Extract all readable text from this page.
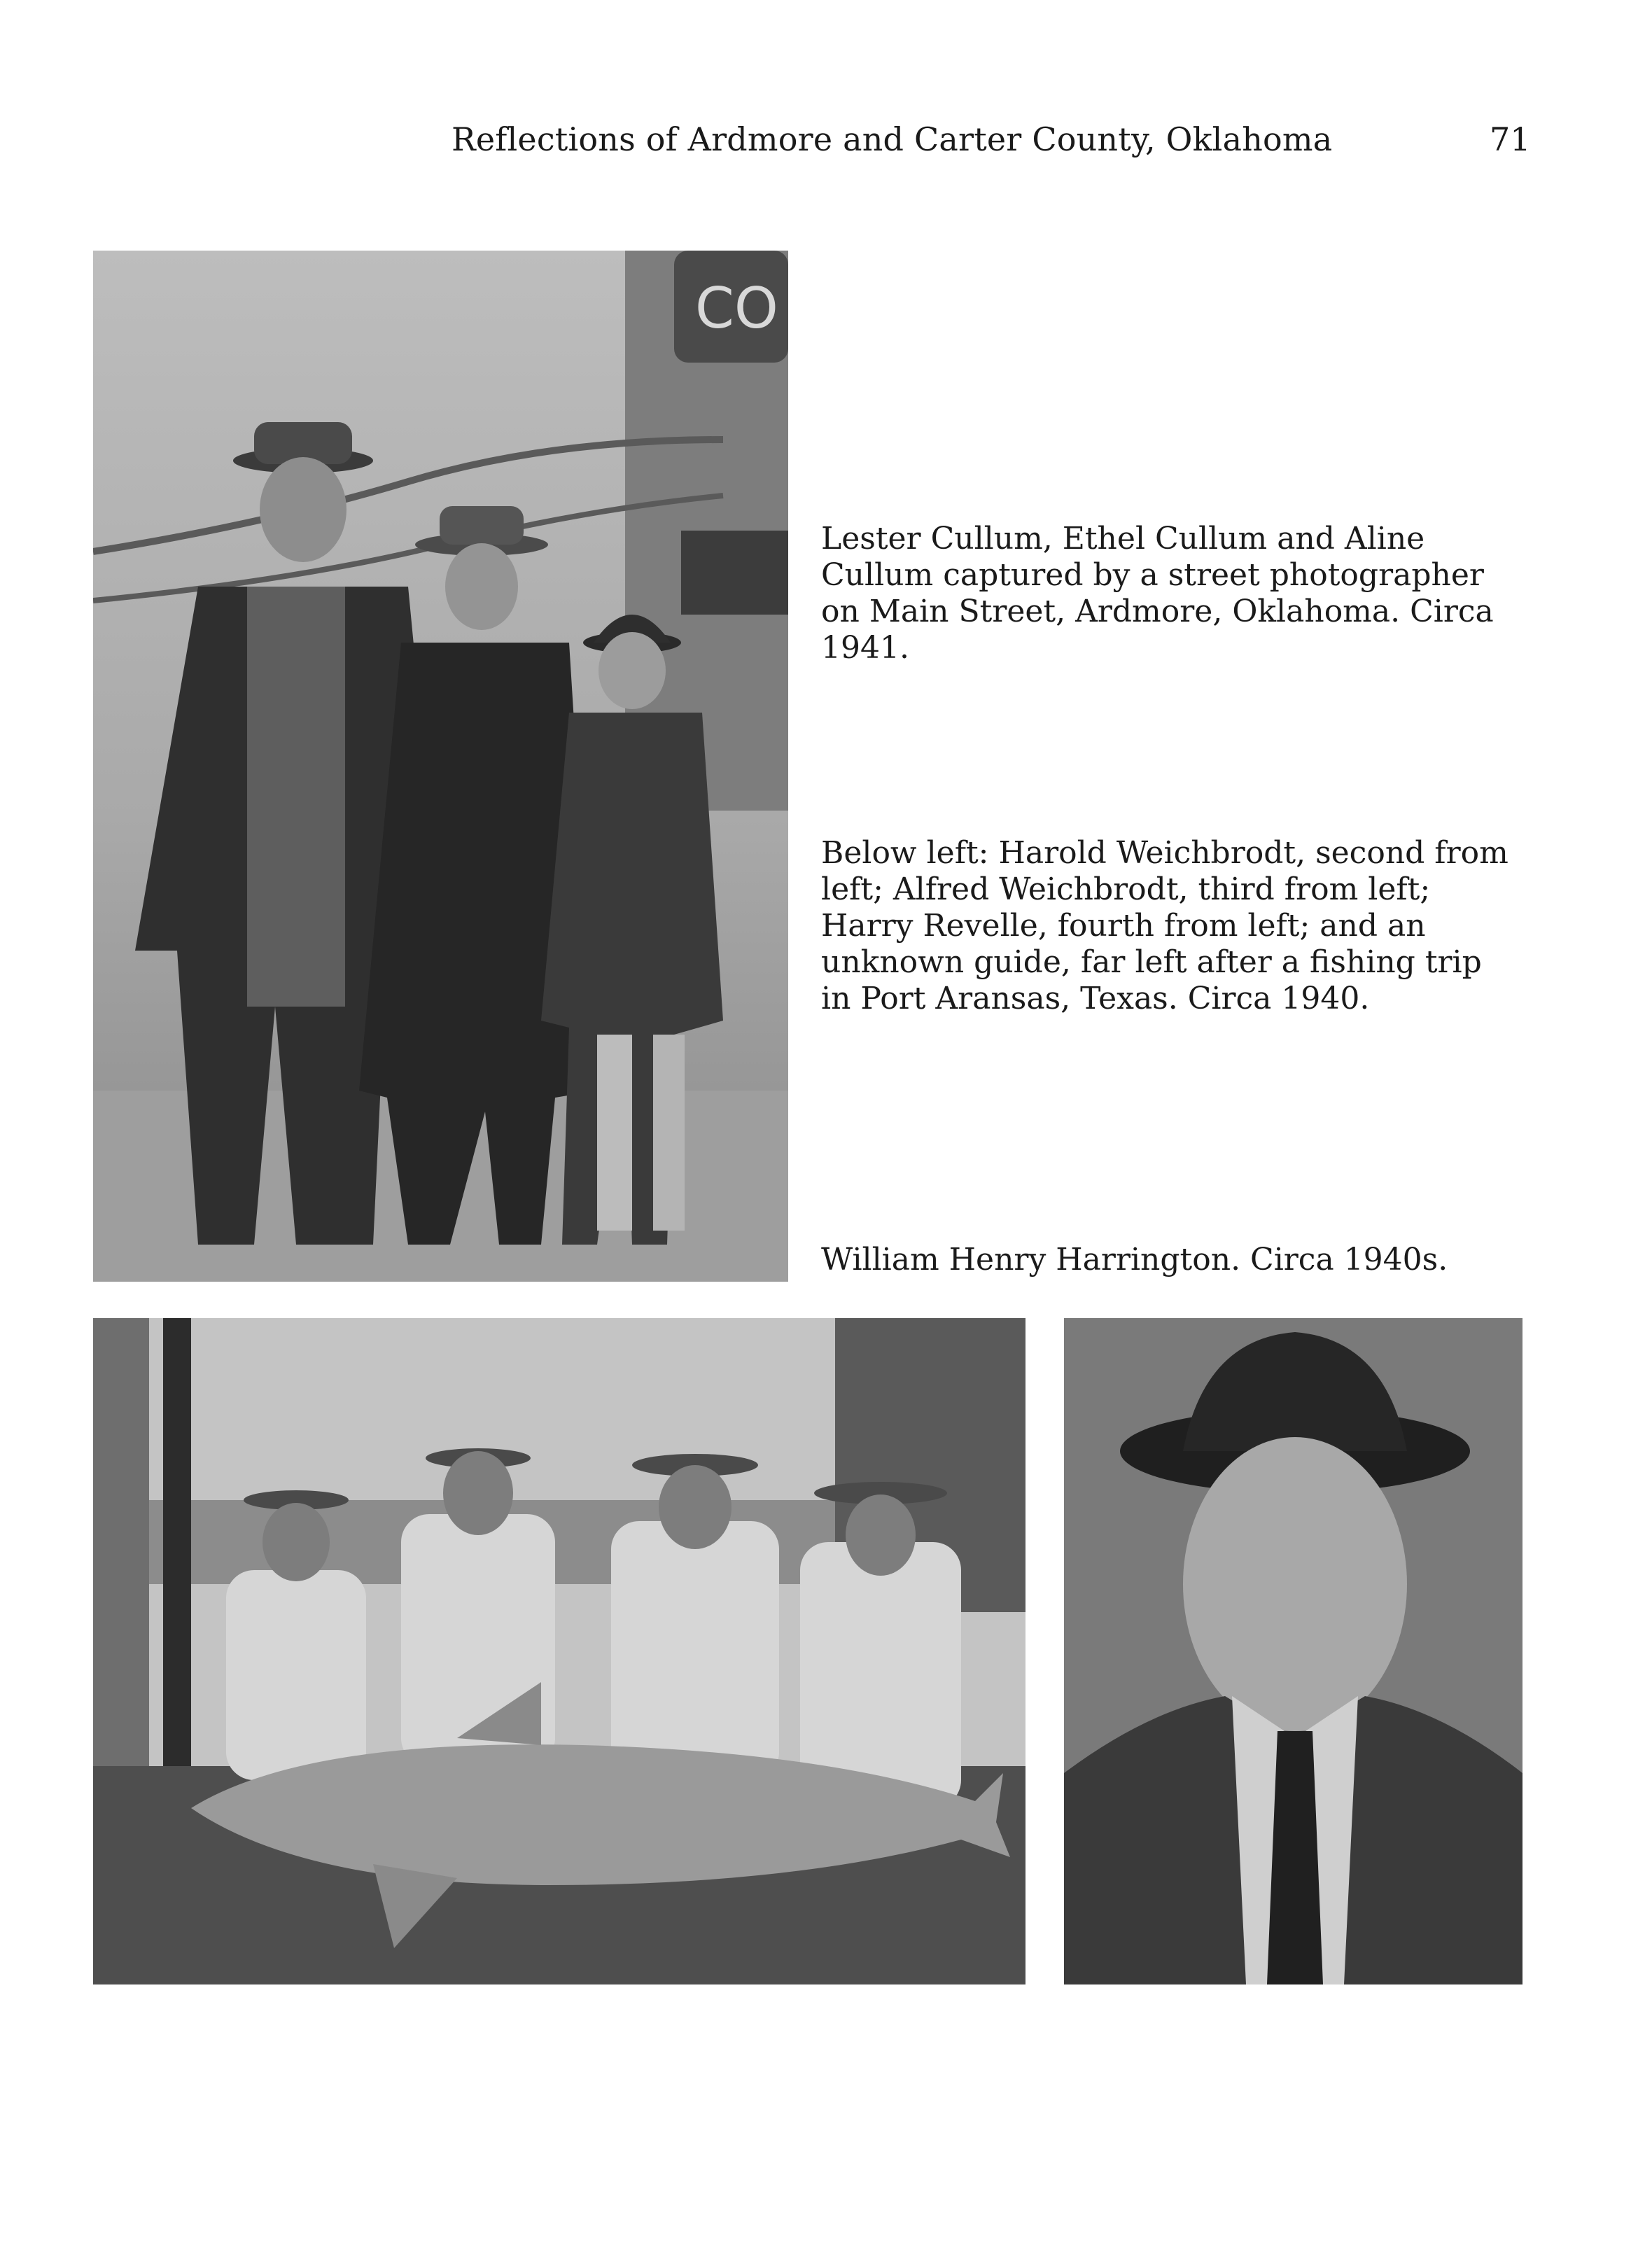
Reflections of Ardmore and Carter County, Oklahoma	71
CO

Lester Cullum, Ethel Cullum and Aline Cullum captured by a street photographer on Main Street, Ardmore, Oklahoma. Circa 1941.

Below left: Harold Weichbrodt, second from left; Alfred Weichbrodt, third from left; Harry Revelle, fourth from left; and an unknown guide, far left after a fishing trip in Port Aransas, Texas. Circa 1940.

William Henry Harrington. Circa 1940s.
